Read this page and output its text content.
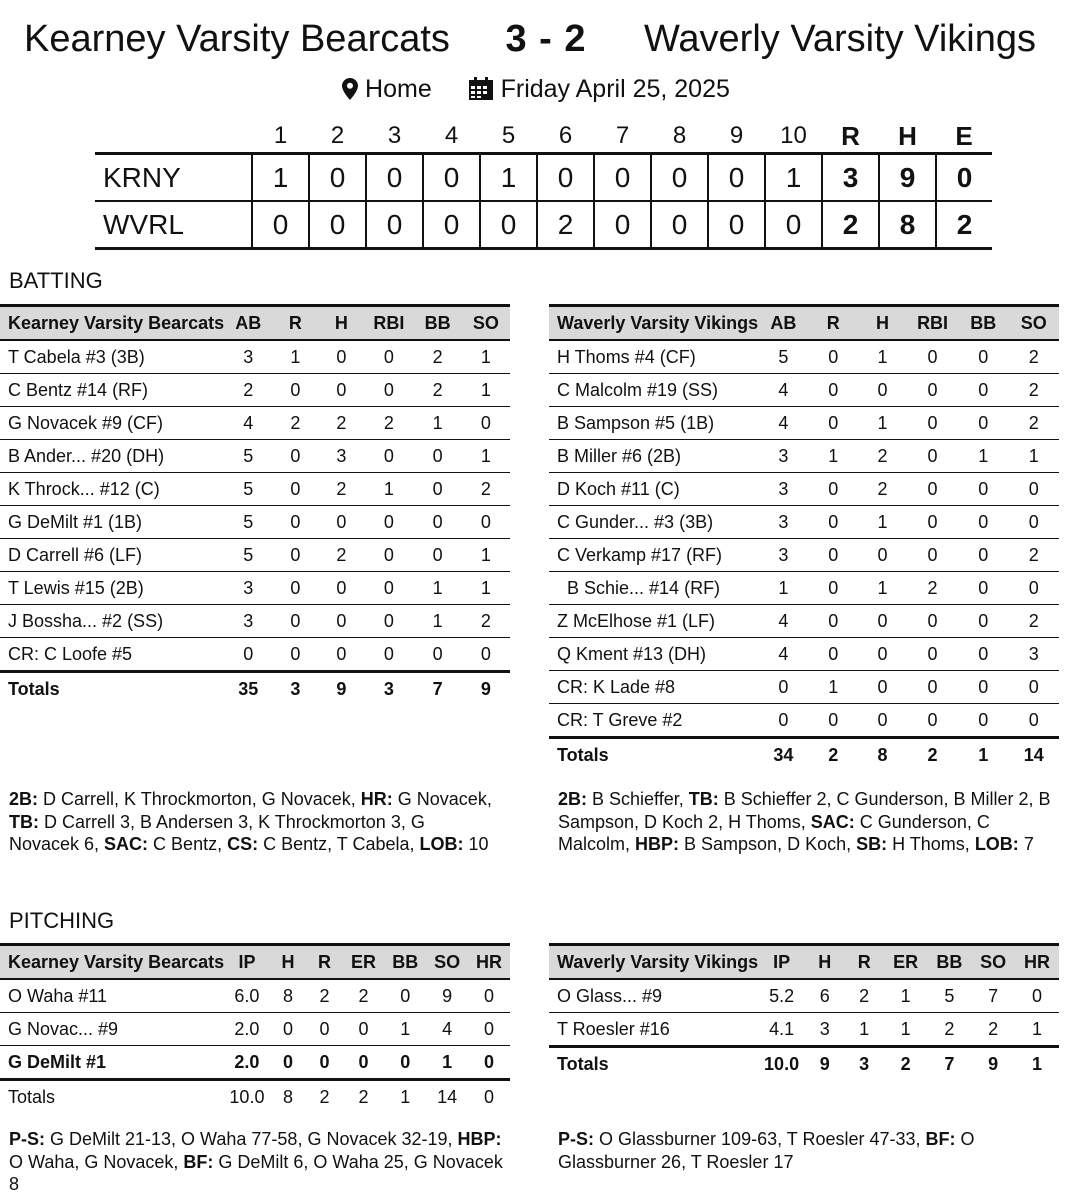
Kearney Varsity Bearcats	3 - 2	Waverly Varsity Vikings
Home	Friday April 25, 2025
	1	2	3	4	5	6	7	8	9	10	R	H	E
KRNY	1	0	0	0	1	0	0	0	0	1	3	9	0
WVRL	0	0	0	0	0	2	0	0	0	0	2	8	2
BATTING
Kearney Varsity Bearcats	AB	R	H	RBI	BB	SO
T Cabela #3 (3B)	3	1	0	0	2	1
C Bentz #14 (RF)	2	0	0	0	2	1
G Novacek #9 (CF)	4	2	2	2	1	0
B Ander... #20 (DH)	5	0	3	0	0	1
K Throck... #12 (C)	5	0	2	1	0	2
G DeMilt #1 (1B)	5	0	0	0	0	0
D Carrell #6 (LF)	5	0	2	0	0	1
T Lewis #15 (2B)	3	0	0	0	1	1
J Bossha... #2 (SS)	3	0	0	0	1	2
CR: C Loofe #5	0	0	0	0	0	0
Totals	35	3	9	3	7	9
Waverly Varsity Vikings	AB	R	H	RBI	BB	SO
H Thoms #4 (CF)	5	0	1	0	0	2
C Malcolm #19 (SS)	4	0	0	0	0	2
B Sampson #5 (1B)	4	0	1	0	0	2
B Miller #6 (2B)	3	1	2	0	1	1
D Koch #11 (C)	3	0	2	0	0	0
C Gunder... #3 (3B)	3	0	1	0	0	0
C Verkamp #17 (RF)	3	0	0	0	0	2
B Schie... #14 (RF)	1	0	1	2	0	0
Z McElhose #1 (LF)	4	0	0	0	0	2
Q Kment #13 (DH)	4	0	0	0	0	3
CR: K Lade #8	0	1	0	0	0	0
CR: T Greve #2	0	0	0	0	0	0
Totals	34	2	8	2	1	14
2B: D Carrell, K Throckmorton, G Novacek, HR: G Novacek, TB: D Carrell 3, B Andersen 3, K Throckmorton 3, G Novacek 6, SAC: C Bentz, CS: C Bentz, T Cabela, LOB: 10
2B: B Schieffer, TB: B Schieffer 2, C Gunderson, B Miller 2, B Sampson, D Koch 2, H Thoms, SAC: C Gunderson, C Malcolm, HBP: B Sampson, D Koch, SB: H Thoms, LOB: 7
PITCHING
Kearney Varsity Bearcats	IP	H	R	ER	BB	SO	HR
O Waha #11	6.0	8	2	2	0	9	0
G Novac... #9	2.0	0	0	0	1	4	0
G DeMilt #1	2.0	0	0	0	0	1	0
Totals	10.0	8	2	2	1	14	0
Waverly Varsity Vikings	IP	H	R	ER	BB	SO	HR
O Glass... #9	5.2	6	2	1	5	7	0
T Roesler #16	4.1	3	1	1	2	2	1
Totals	10.0	9	3	2	7	9	1
P-S: G DeMilt 21-13, O Waha 77-58, G Novacek 32-19, HBP: O Waha, G Novacek, BF: G DeMilt 6, O Waha 25, G Novacek 8
P-S: O Glassburner 109-63, T Roesler 47-33, BF: O Glassburner 26, T Roesler 17
